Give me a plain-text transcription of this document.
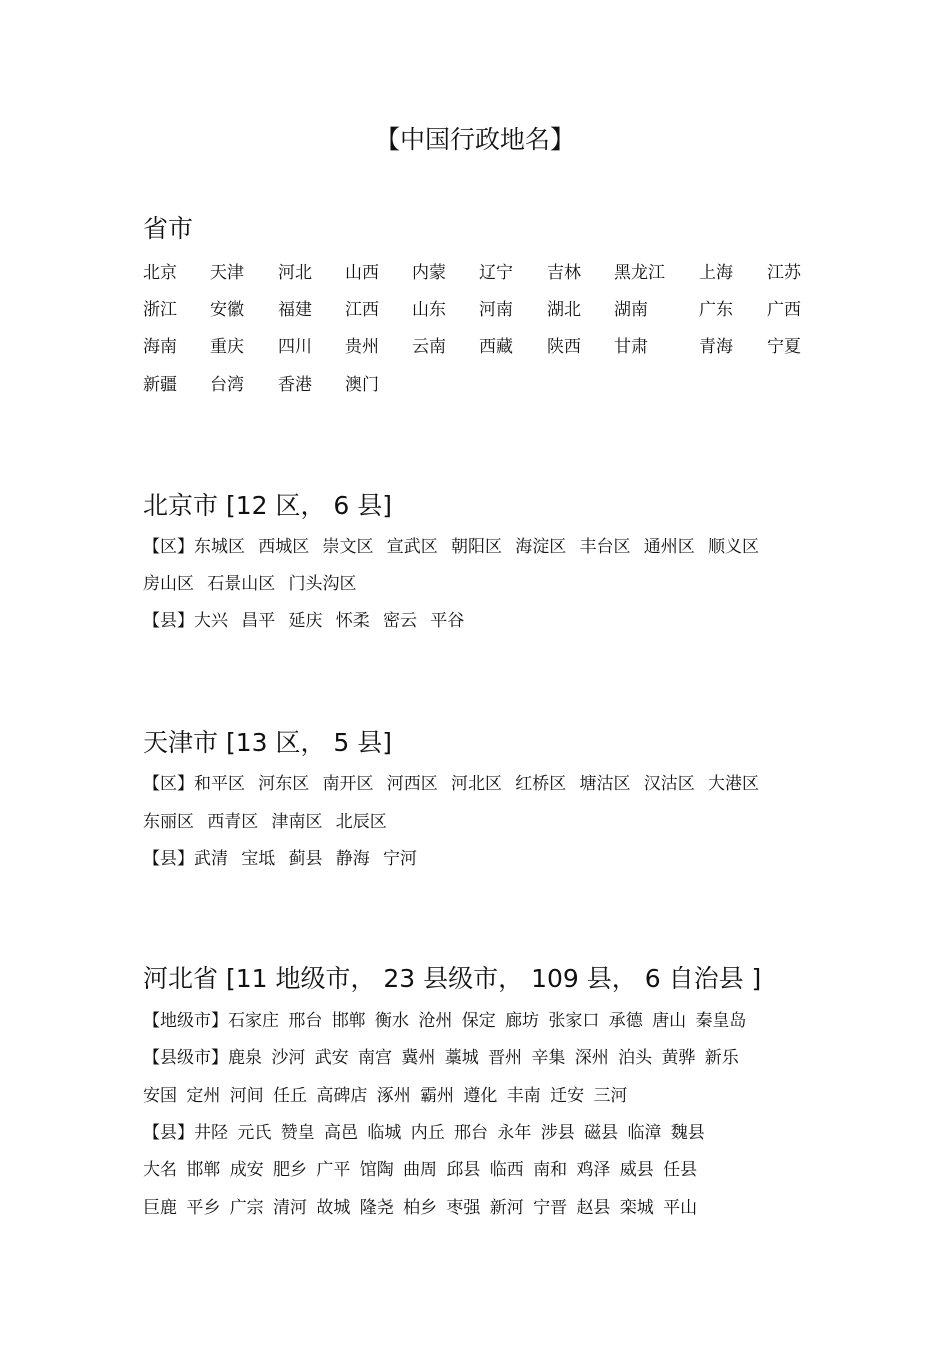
【中国行政地名】
省市
北京 天津 河北 山西 内蒙 辽宁 吉林 黑龙江 上海 江苏
浙江 安徽 福建 江西 山东 河南 湖北 湖南	广东 广西
海南 重庆 四川 贵州 云南 西藏 陕西 甘肃	青海 宁夏
新疆 台湾 香港 澳门
北京市 [12 区， 6 县]
【区】东城区 西城区 崇文区 宣武区 朝阳区 海淀区 丰台区 通州区 顺义区
房山区 石景山区 门头沟区
【县】大兴 昌平 延庆 怀柔 密云 平谷
天津市 [13 区， 5 县]
【区】和平区 河东区 南开区 河西区 河北区 红桥区 塘沽区 汉沽区 大港区
东丽区 西青区 津南区 北辰区
【县】武清 宝坻 蓟县 静海 宁河
河北省 [11 地级市， 23 县级市， 109 县， 6 自治县 ]
【地级市】石家庄 邢台 邯郸 衡水 沧州 保定 廊坊 张家口 承德 唐山 秦皇岛
【县级市】鹿泉 沙河 武安 南宫 冀州 藁城 晋州 辛集 深州 泊头 黄骅 新乐
安国 定州 河间 任丘 高碑店 涿州 霸州 遵化 丰南 迁安 三河
【县】井陉 元氏 赞皇 高邑 临城 内丘 邢台 永年 涉县 磁县 临漳 魏县
大名 邯郸 成安 肥乡 广平 馆陶 曲周 邱县 临西 南和 鸡泽 威县 任县
巨鹿 平乡 广宗 清河 故城 隆尧 柏乡 枣强 新河 宁晋 赵县 栾城 平山
